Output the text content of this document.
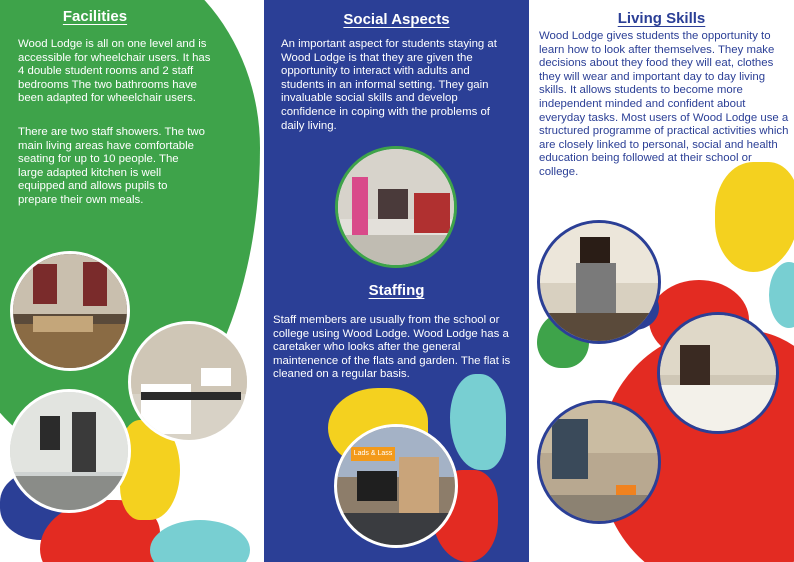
Facilities
Wood Lodge is all on one level and is accessible for wheelchair users. It has 4 double student rooms and 2 staff bedrooms The two bathrooms have been adapted for wheelchair users.
There are two staff showers. The two main living areas have comfortable seating for up to 10 people. The large adapted kitchen is well equipped and allows pupils to prepare their own meals.
Social Aspects
An important aspect for students staying at Wood Lodge is that they are given the opportunity to interact with adults and students in an informal setting. They gain invaluable social skills and develop confidence in coping with the problems of daily living.
Staffing
Staff members are usually from the school or college using Wood Lodge. Wood Lodge has a caretaker who looks after the general maintenence of the flats and garden. The flat is cleaned on a regular basis.
Lads & Lass
Living Skills
Wood Lodge gives students the opportunity to learn how to look after themselves. They make decisions about they food they will eat, clothes they will wear and important day to day living skills. It allows students to become more independent minded and confident about everyday tasks. Most users of Wood Lodge use a structured programme of practical activities which are closely linked to personal, social and health education being followed at their school or college.
